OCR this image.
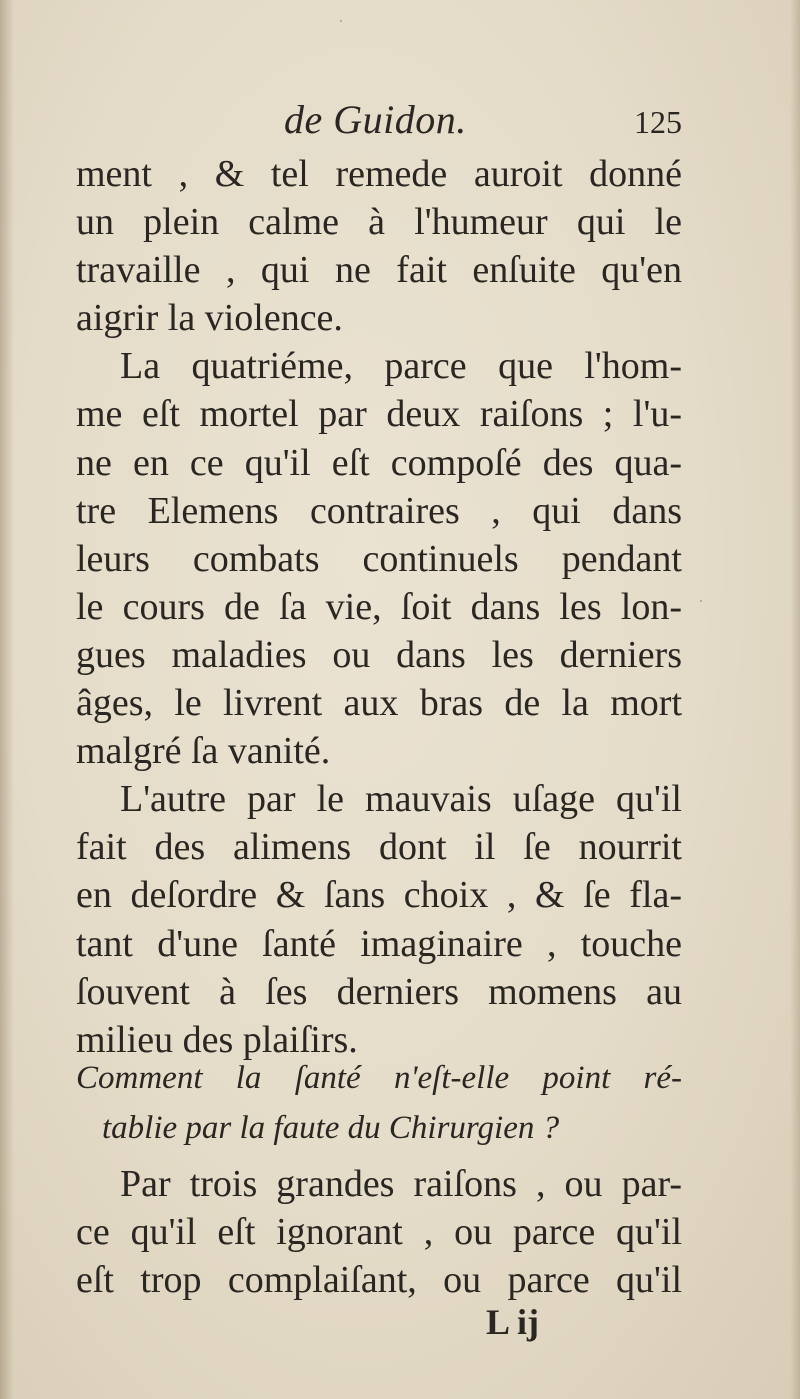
de Guidon.	125
ment , & tel remede auroit donné
un plein calme à l'humeur qui le
travaille , qui ne fait enſuite qu'en
aigrir la violence.
La quatriéme, parce que l'hom-
me eſt mortel par deux raiſons ; l'u-
ne en ce qu'il eſt compoſé des qua-
tre Elemens contraires , qui dans
leurs combats continuels pendant
le cours de ſa vie, ſoit dans les lon-
gues maladies ou dans les derniers
âges, le livrent aux bras de la mort
malgré ſa vanité.
L'autre par le mauvais uſage qu'il
fait des alimens dont il ſe nourrit
en deſordre & ſans choix , & ſe fla-
tant d'une ſanté imaginaire , touche
ſouvent à ſes derniers momens au
milieu des plaiſirs.
Comment la ſanté n'eſt-elle point ré-
tablie par la faute du Chirurgien ?
Par trois grandes raiſons , ou par-
ce qu'il eſt ignorant , ou parce qu'il
eſt trop complaiſant, ou parce qu'il
L ij
